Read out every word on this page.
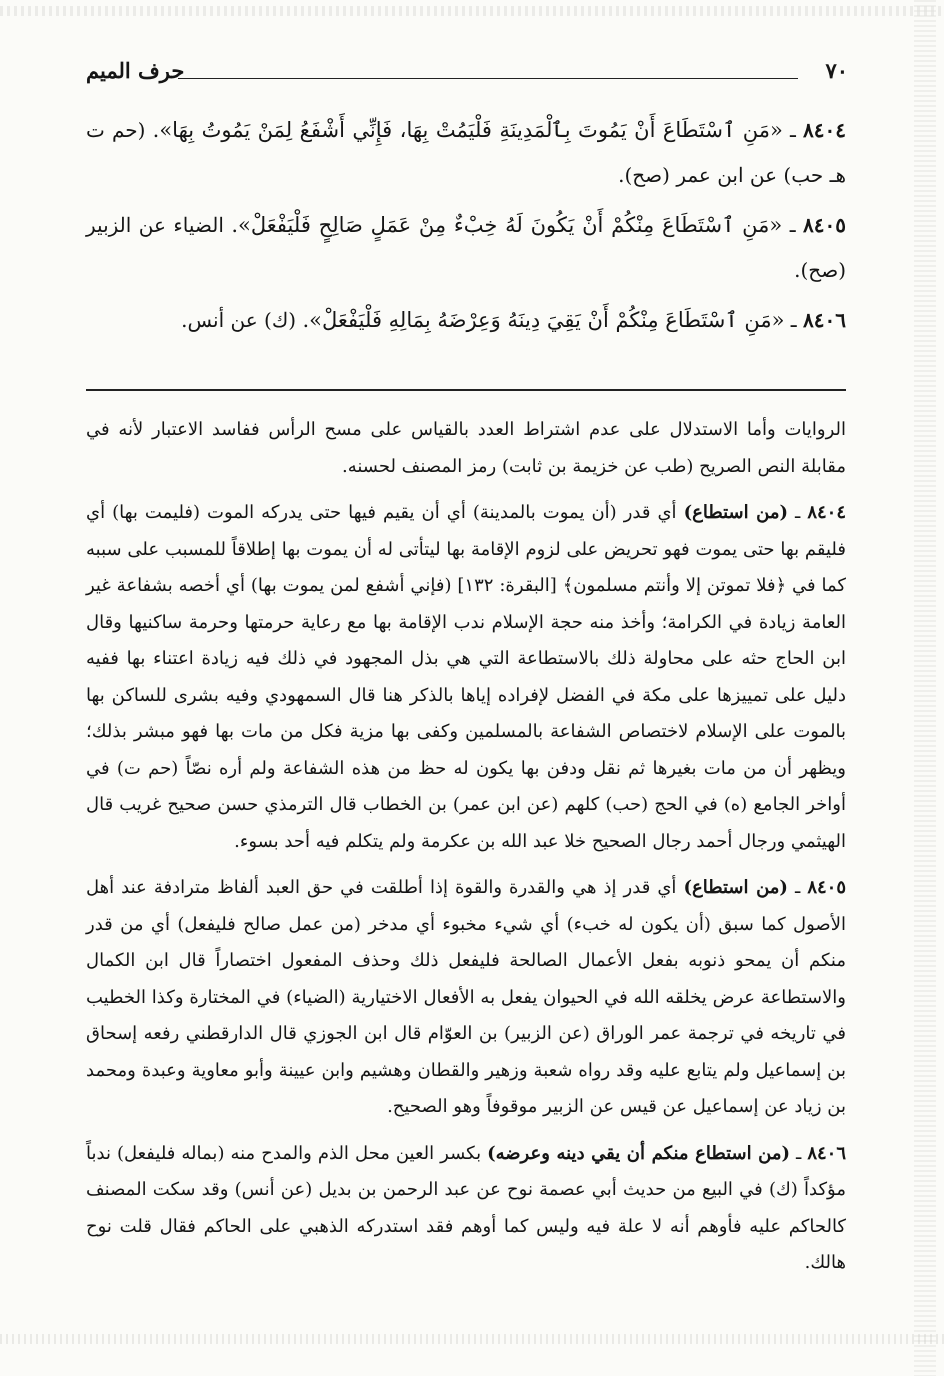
٧٠
حرف الميم

٨٤٠٤ ـ «مَنِ ٱسْتَطَاعَ أَنْ يَمُوتَ بِٱلْمَدِينَةِ فَلْيَمُتْ بِهَا، فَإِنِّي أَشْفَعُ لِمَنْ يَمُوتُ بِهَا». (حم ت هـ حب) عن ابن عمر (صح).

٨٤٠٥ ـ «مَنِ ٱسْتَطَاعَ مِنْكُمْ أَنْ يَكُونَ لَهُ خِبْءٌ مِنْ عَمَلٍ صَالِحٍ فَلْيَفْعَلْ». الضياء عن الزبير (صح).

٨٤٠٦ ـ «مَنِ ٱسْتَطَاعَ مِنْكُمْ أَنْ يَقِيَ دِينَهُ وَعِرْضَهُ بِمَالِهِ فَلْيَفْعَلْ». (ك) عن أنس.

الروايات وأما الاستدلال على عدم اشتراط العدد بالقياس على مسح الرأس ففاسد الاعتبار لأنه في مقابلة النص الصريح (طب عن خزيمة بن ثابت) رمز المصنف لحسنه.

٨٤٠٤ ـ (من استطاع) أي قدر (أن يموت بالمدينة) أي أن يقيم فيها حتى يدركه الموت (فليمت بها) أي فليقم بها حتى يموت فهو تحريض على لزوم الإقامة بها ليتأتى له أن يموت بها إطلاقاً للمسبب على سببه كما في ﴿فلا تموتن إلا وأنتم مسلمون﴾ [البقرة: ١٣٢] (فإني أشفع لمن يموت بها) أي أخصه بشفاعة غير العامة زيادة في الكرامة؛ وأخذ منه حجة الإسلام ندب الإقامة بها مع رعاية حرمتها وحرمة ساكنيها وقال ابن الحاج حثه على محاولة ذلك بالاستطاعة التي هي بذل المجهود في ذلك فيه زيادة اعتناء بها ففيه دليل على تمييزها على مكة في الفضل لإفراده إياها بالذكر هنا قال السمهودي وفيه بشرى للساكن بها بالموت على الإسلام لاختصاص الشفاعة بالمسلمين وكفى بها مزية فكل من مات بها فهو مبشر بذلك؛ ويظهر أن من مات بغيرها ثم نقل ودفن بها يكون له حظ من هذه الشفاعة ولم أره نصّاً (حم ت) في أواخر الجامع (ه) في الحج (حب) كلهم (عن ابن عمر) بن الخطاب قال الترمذي حسن صحيح غريب قال الهيثمي ورجال أحمد رجال الصحيح خلا عبد الله بن عكرمة ولم يتكلم فيه أحد بسوء.

٨٤٠٥ ـ (من استطاع) أي قدر إذ هي والقدرة والقوة إذا أطلقت في حق العبد ألفاظ مترادفة عند أهل الأصول كما سبق (أن يكون له خبء) أي شيء مخبوء أي مدخر (من عمل صالح فليفعل) أي من قدر منكم أن يمحو ذنوبه بفعل الأعمال الصالحة فليفعل ذلك وحذف المفعول اختصاراً قال ابن الكمال والاستطاعة عرض يخلقه الله في الحيوان يفعل به الأفعال الاختيارية (الضياء) في المختارة وكذا الخطيب في تاريخه في ترجمة عمر الوراق (عن الزبير) بن العوّام قال ابن الجوزي قال الدارقطني رفعه إسحاق بن إسماعيل ولم يتابع عليه وقد رواه شعبة وزهير والقطان وهشيم وابن عيينة وأبو معاوية وعبدة ومحمد بن زياد عن إسماعيل عن قيس عن الزبير موقوفاً وهو الصحيح.

٨٤٠٦ ـ (من استطاع منكم أن يقي دينه وعرضه) بكسر العين محل الذم والمدح منه (بماله فليفعل) ندباً مؤكداً (ك) في البيع من حديث أبي عصمة نوح عن عبد الرحمن بن بديل (عن أنس) وقد سكت المصنف كالحاكم عليه فأوهم أنه لا علة فيه وليس كما أوهم فقد استدركه الذهبي على الحاكم فقال قلت نوح هالك.
